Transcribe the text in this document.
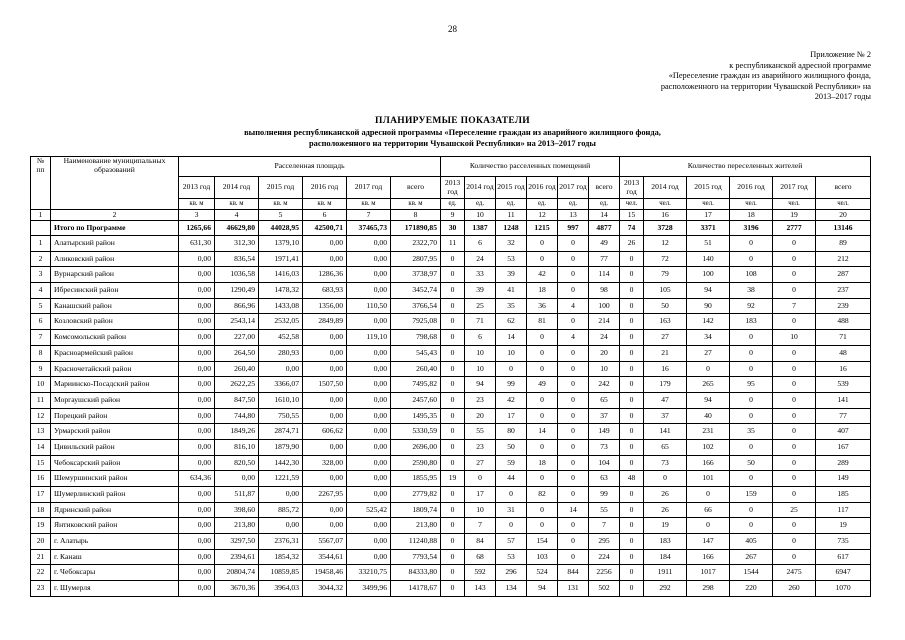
28
Приложение № 2
к республиканской адресной программе
«Переселение граждан из аварийного жилищного фонда,
расположенного на территории Чувашской Республики» на
2013–2017 годы
ПЛАНИРУЕМЫЕ ПОКАЗАТЕЛИ
выполнения республиканской адресной программы «Переселение граждан из аварийного жилищного фонда,
расположенного на территории Чувашской Республики» на 2013–2017 годы
№ пп	Наименование муниципальных образований	Расселенная площадь						Количество расселенных помещений						Количество переселенных жителей					
		2013 год	2014 год	2015 год	2016 год	2017 год	всего	2013 год	2014 год	2015 год	2016 год	2017 год	всего	2013 год	2014 год	2015 год	2016 год	2017 год	всего
		кв. м	кв. м	кв. м	кв. м	кв. м	кв. м	ед.	ед.	ед.	ед.	ед.	ед.	чел.	чел.	чел.	чел.	чел.	чел.
1	2	3	4	5	6	7	8	9	10	11	12	13	14	15	16	17	18	19	20
	Итого по Программе	1265,66	46629,80	44028,95	42500,71	37465,73	171890,85	30	1387	1248	1215	997	4877	74	3728	3371	3196	2777	13146
1	Алатырский район	631,30	312,30	1379,10	0,00	0,00	2322,70	11	6	32	0	0	49	26	12	51	0	0	89
2	Аликовский район	0,00	836,54	1971,41	0,00	0,00	2807,95	0	24	53	0	0	77	0	72	140	0	0	212
3	Вурнарский район	0,00	1036,58	1416,03	1286,36	0,00	3738,97	0	33	39	42	0	114	0	79	100	108	0	287
4	Ибресинский район	0,00	1290,49	1478,32	683,93	0,00	3452,74	0	39	41	18	0	98	0	105	94	38	0	237
5	Канашский район	0,00	866,96	1433,08	1356,00	110,50	3766,54	0	25	35	36	4	100	0	50	90	92	7	239
6	Козловский район	0,00	2543,14	2532,05	2849,89	0,00	7925,08	0	71	62	81	0	214	0	163	142	183	0	488
7	Комсомольский район	0,00	227,00	452,58	0,00	119,10	798,68	0	6	14	0	4	24	0	27	34	0	10	71
8	Красноармейский район	0,00	264,50	280,93	0,00	0,00	545,43	0	10	10	0	0	20	0	21	27	0	0	48
9	Красночетайский район	0,00	260,40	0,00	0,00	0,00	260,40	0	10	0	0	0	10	0	16	0	0	0	16
10	Мариинско-Посадский район	0,00	2622,25	3366,07	1507,50	0,00	7495,82	0	94	99	49	0	242	0	179	265	95	0	539
11	Моргаушский район	0,00	847,50	1610,10	0,00	0,00	2457,60	0	23	42	0	0	65	0	47	94	0	0	141
12	Порецкий район	0,00	744,80	750,55	0,00	0,00	1495,35	0	20	17	0	0	37	0	37	40	0	0	77
13	Урмарский район	0,00	1849,26	2874,71	606,62	0,00	5330,59	0	55	80	14	0	149	0	141	231	35	0	407
14	Цивильский район	0,00	816,10	1879,90	0,00	0,00	2696,00	0	23	50	0	0	73	0	65	102	0	0	167
15	Чебоксарский район	0,00	820,50	1442,30	328,00	0,00	2590,80	0	27	59	18	0	104	0	73	166	50	0	289
16	Шемуршинский район	634,36	0,00	1221,59	0,00	0,00	1855,95	19	0	44	0	0	63	48	0	101	0	0	149
17	Шумерлинский район	0,00	511,87	0,00	2267,95	0,00	2779,82	0	17	0	82	0	99	0	26	0	159	0	185
18	Ядринский район	0,00	398,60	885,72	0,00	525,42	1809,74	0	10	31	0	14	55	0	26	66	0	25	117
19	Янтиковский район	0,00	213,80	0,00	0,00	0,00	213,80	0	7	0	0	0	7	0	19	0	0	0	19
20	г. Алатырь	0,00	3297,50	2376,31	5567,07	0,00	11240,88	0	84	57	154	0	295	0	183	147	405	0	735
21	г. Канаш	0,00	2394,61	1854,32	3544,61	0,00	7793,54	0	68	53	103	0	224	0	184	166	267	0	617
22	г. Чебоксары	0,00	20804,74	10859,85	19458,46	33210,75	84333,80	0	592	296	524	844	2256	0	1911	1017	1544	2475	6947
23	г. Шумерля	0,00	3670,36	3964,03	3044,32	3499,96	14178,67	0	143	134	94	131	502	0	292	298	220	260	1070
